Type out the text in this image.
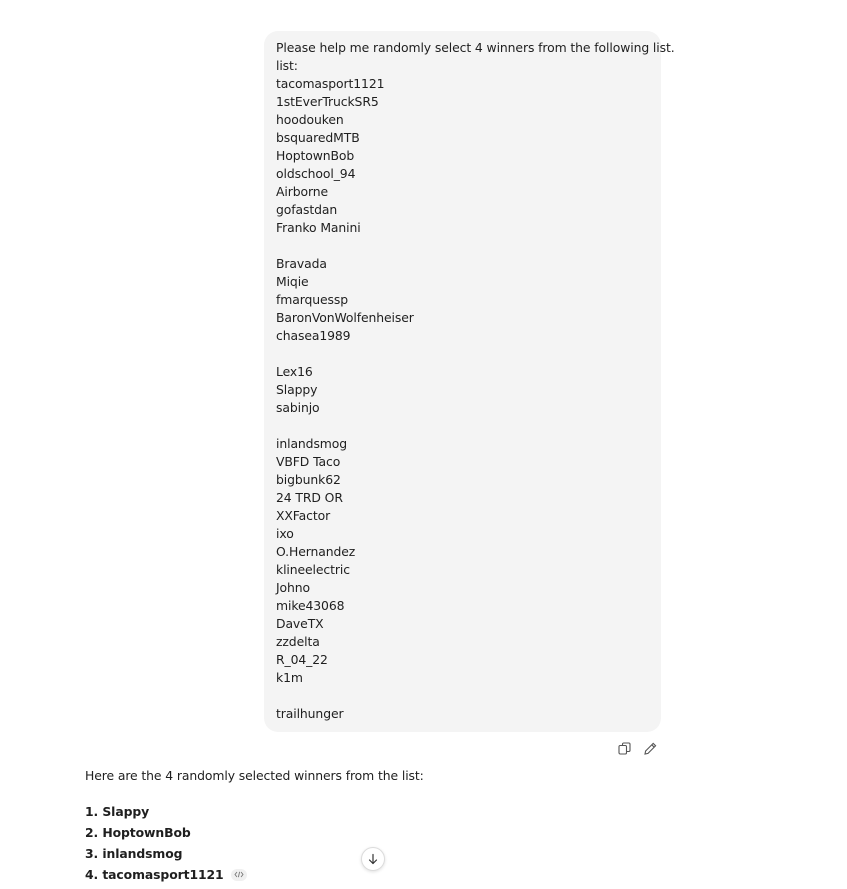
Please help me randomly select 4 winners from the following list.
list:
tacomasport1121
1stEverTruckSR5
hoodouken
bsquaredMTB
HoptownBob
oldschool_94
Airborne
gofastdan
Franko Manini
Bravada
Miqie
fmarquessp
BaronVonWolfenheiser
chasea1989
Lex16
Slappy
sabinjo
inlandsmog
VBFD Taco
bigbunk62
24 TRD OR
XXFactor
ixo
O.Hernandez
klineelectric
Johno
mike43068
DaveTX
zzdelta
R_04_22
k1m
trailhunger
Here are the 4 randomly selected winners from the list:
1. Slappy
2. HoptownBob
3. inlandsmog
4. tacomasport1121
